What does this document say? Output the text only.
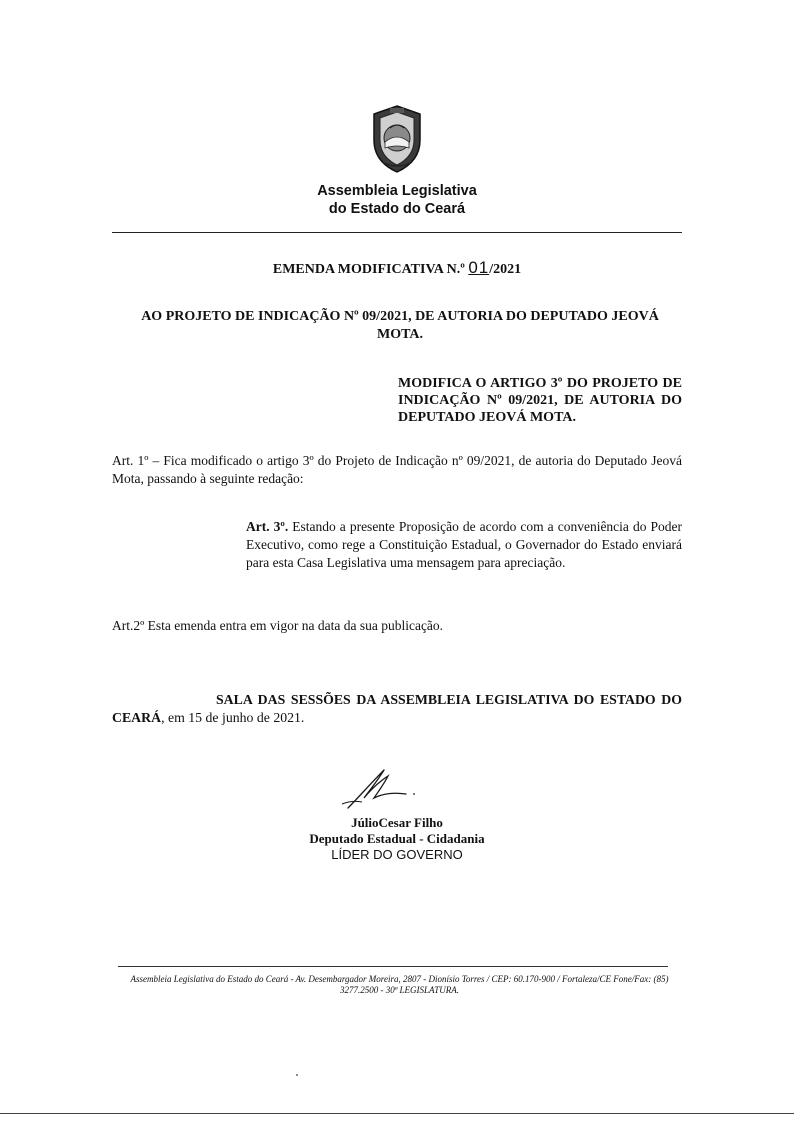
Assembleia Legislativa
do Estado do Ceará
EMENDA MODIFICATIVA N.º 01/2021
AO PROJETO DE INDICAÇÃO Nº 09/2021, DE AUTORIA DO DEPUTADO JEOVÁ MOTA.
MODIFICA O ARTIGO 3º DO PROJETO DE INDICAÇÃO Nº 09/2021, DE AUTORIA DO DEPUTADO JEOVÁ MOTA.
Art. 1º – Fica modificado o artigo 3º do Projeto de Indicação nº 09/2021, de autoria do Deputado Jeová Mota, passando à seguinte redação:
Art. 3º. Estando a presente Proposição de acordo com a conveniência do Poder Executivo, como rege a Constituição Estadual, o Governador do Estado enviará para esta Casa Legislativa uma mensagem para apreciação.
Art.2º Esta emenda entra em vigor na data da sua publicação.
SALA DAS SESSÕES DA ASSEMBLEIA LEGISLATIVA DO ESTADO DO CEARÁ, em 15 de junho de 2021.
JúlioCesar Filho
Deputado Estadual - Cidadania
LÍDER DO GOVERNO
Assembleia Legislativa do Estado do Ceará - Av. Desembargador Moreira, 2807 - Dionísio Torres / CEP: 60.170-900 / Fortaleza/CE Fone/Fax: (85) 3277.2500 - 30ª LEGISLATURA.
